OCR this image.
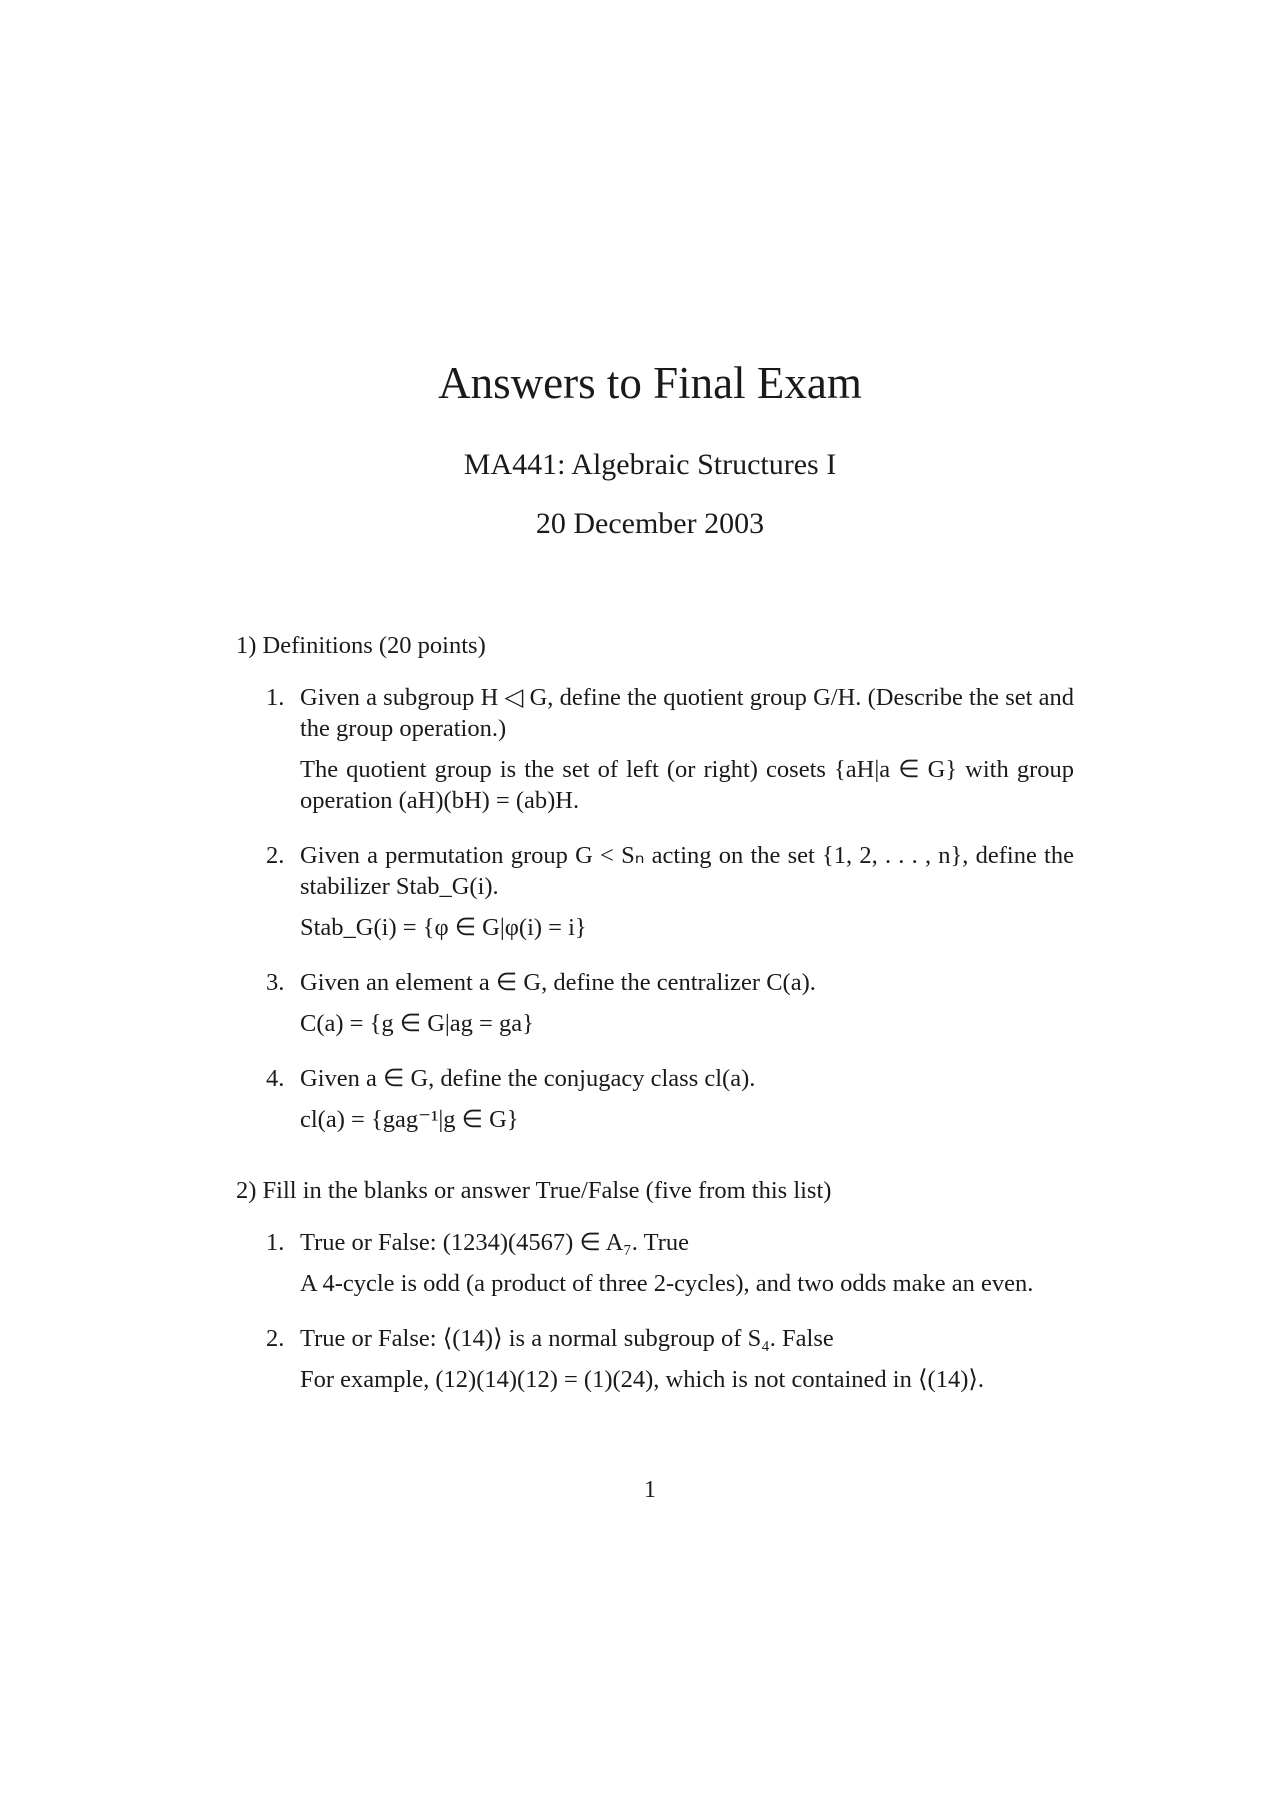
Answers to Final Exam
MA441: Algebraic Structures I
20 December 2003
1) Definitions (20 points)
1. Given a subgroup H ◁ G, define the quotient group G/H. (Describe the set and the group operation.)

The quotient group is the set of left (or right) cosets {aH|a ∈ G} with group operation (aH)(bH) = (ab)H.

2. Given a permutation group G < Sₙ acting on the set {1, 2, . . . , n}, define the stabilizer Stab_G(i).

Stab_G(i) = {φ ∈ G|φ(i) = i}

3. Given an element a ∈ G, define the centralizer C(a).

C(a) = {g ∈ G|ag = ga}

4. Given a ∈ G, define the conjugacy class cl(a).

cl(a) = {gag⁻¹|g ∈ G}

2) Fill in the blanks or answer True/False (five from this list)
1. True or False: (1234)(4567) ∈ A₇. True

A 4-cycle is odd (a product of three 2-cycles), and two odds make an even.

2. True or False: ⟨(14)⟩ is a normal subgroup of S₄. False

For example, (12)(14)(12) = (1)(24), which is not contained in ⟨(14)⟩.

1
